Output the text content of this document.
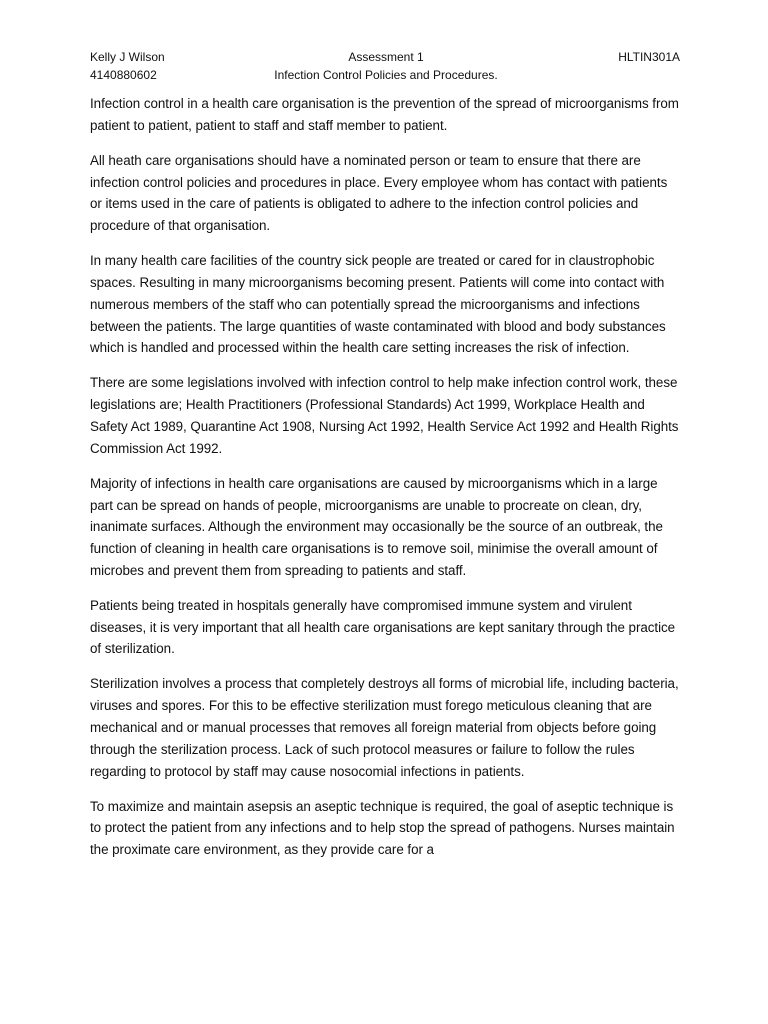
Kelly J Wilson
4140880602
Assessment 1
Infection Control Policies and Procedures.
HLTIN301A

Infection control in a health care organisation is the prevention of the spread of microorganisms from patient to patient, patient to staff and staff member to patient.

All heath care organisations should have a nominated person or team to ensure that there are infection control policies and procedures in place. Every employee whom has contact with patients or items used in the care of patients is obligated to adhere to the infection control policies and procedure of that organisation.

In many health care facilities of the country sick people are treated or cared for in claustrophobic spaces. Resulting in many microorganisms becoming present. Patients will come into contact with numerous members of the staff who can potentially spread the microorganisms and infections between the patients. The large quantities of waste contaminated with blood and body substances which is handled and processed within the health care setting increases the risk of infection.

There are some legislations involved with infection control to help make infection control work, these legislations are; Health Practitioners (Professional Standards) Act 1999, Workplace Health and Safety Act 1989, Quarantine Act 1908, Nursing Act 1992, Health Service Act 1992 and Health Rights Commission Act 1992.

Majority of infections in health care organisations are caused by microorganisms which in a large part can be spread on hands of people, microorganisms are unable to procreate on clean, dry, inanimate surfaces. Although the environment may occasionally be the source of an outbreak, the function of cleaning in health care organisations is to remove soil, minimise the overall amount of microbes and prevent them from spreading to patients and staff.

Patients being treated in hospitals generally have compromised immune system and virulent diseases, it is very important that all health care organisations are kept sanitary through the practice of sterilization.

Sterilization involves a process that completely destroys all forms of microbial life, including bacteria, viruses and spores. For this to be effective sterilization must forego meticulous cleaning that are mechanical and or manual processes that removes all foreign material from objects before going through the sterilization process. Lack of such protocol measures or failure to follow the rules regarding to protocol by staff may cause nosocomial infections in patients.

To maximize and maintain asepsis an aseptic technique is required, the goal of aseptic technique is to protect the patient from any infections and to help stop the spread of pathogens. Nurses maintain the proximate care environment, as they provide care for a
